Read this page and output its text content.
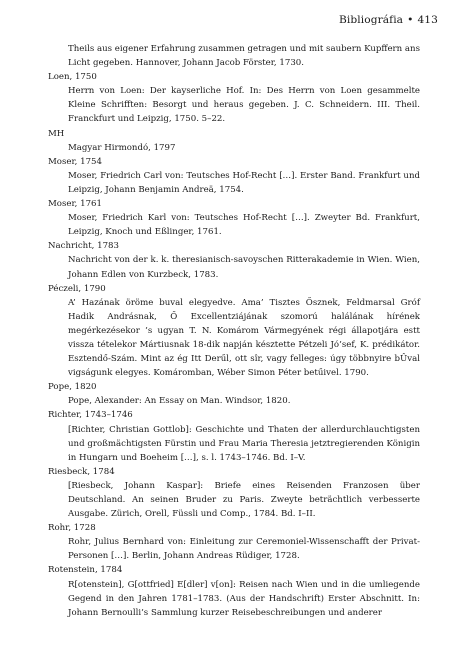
Bibliográfia • 413
Theils aus eigener Erfahrung zusammen getragen und mit saubern Kupffern ans Licht gegeben. Hannover, Johann Jacob Förster, 1730.
Loen, 1750
Herrn von Loen: Der kayserliche Hof. In: Des Herrn von Loen gesammelte Kleine Schrifften: Besorgt und heraus gegeben. J. C. Schneidern. III. Theil. Franckfurt und Leipzig, 1750. 5–22.
MH
Magyar Hirmondó, 1797
Moser, 1754
Moser, Friedrich Carl von: Teutsches Hof-Recht […]. Erster Band. Frankfurt und Leipzig, Johann Benjamin Andreä, 1754.
Moser, 1761
Moser, Friedrich Karl von: Teutsches Hof-Recht […]. Zweyter Bd. Frankfurt, Leipzig, Knoch und Eßlinger, 1761.
Nachricht, 1783
Nachricht von der k. k. theresianisch-savoyschen Ritterakademie in Wien. Wien, Johann Edlen von Kurzbeck, 1783.
Péczeli, 1790
A’ Hazának öröme buval elegyedve. Ama’ Tisztes Ősznek, Feldmarsal Gróf Hadik Andrásnak, Ő Excellentziájának szomorú halálának hírének megérkezésekor ’s ugyan T. N. Komárom Vármegyének régi állapotjára estt vissza tételekor Mártiusnak 18-dik napján késztette Pétzeli Jó’sef, K. prédikátor. Esztendő-Szám. Mint az ég Itt Derűl, ott sîr, vagy felleges: úgy többnyire bÛval vigságunk elegyes. Komáromban, Wéber Simon Péter betűivel. 1790.
Pope, 1820
Pope, Alexander: An Essay on Man. Windsor, 1820.
Richter, 1743–1746
[Richter, Christian Gottlob]: Geschichte und Thaten der allerdurchlauchtigsten und großmächtigsten Fürstin und Frau Maria Theresia jetztregierenden Königin in Hungarn und Boeheim […], s. l. 1743–1746. Bd. I–V.
Riesbeck, 1784
[Riesbeck, Johann Kaspar]: Briefe eines Reisenden Franzosen über Deutschland. An seinen Bruder zu Paris. Zweyte beträchtlich verbesserte Ausgabe. Zürich, Orell, Füssli und Comp., 1784. Bd. I–II.
Rohr, 1728
Rohr, Julius Bernhard von: Einleitung zur Ceremoniel-Wissenschafft der Privat-Personen […]. Berlin, Johann Andreas Rüdiger, 1728.
Rotenstein, 1784
R[otenstein], G[ottfried] E[dler] v[on]: Reisen nach Wien und in die umliegende Gegend in den Jahren 1781–1783. (Aus der Handschrift) Erster Abschnitt. In: Johann Bernoulli’s Sammlung kurzer Reisebeschreibungen und anderer
